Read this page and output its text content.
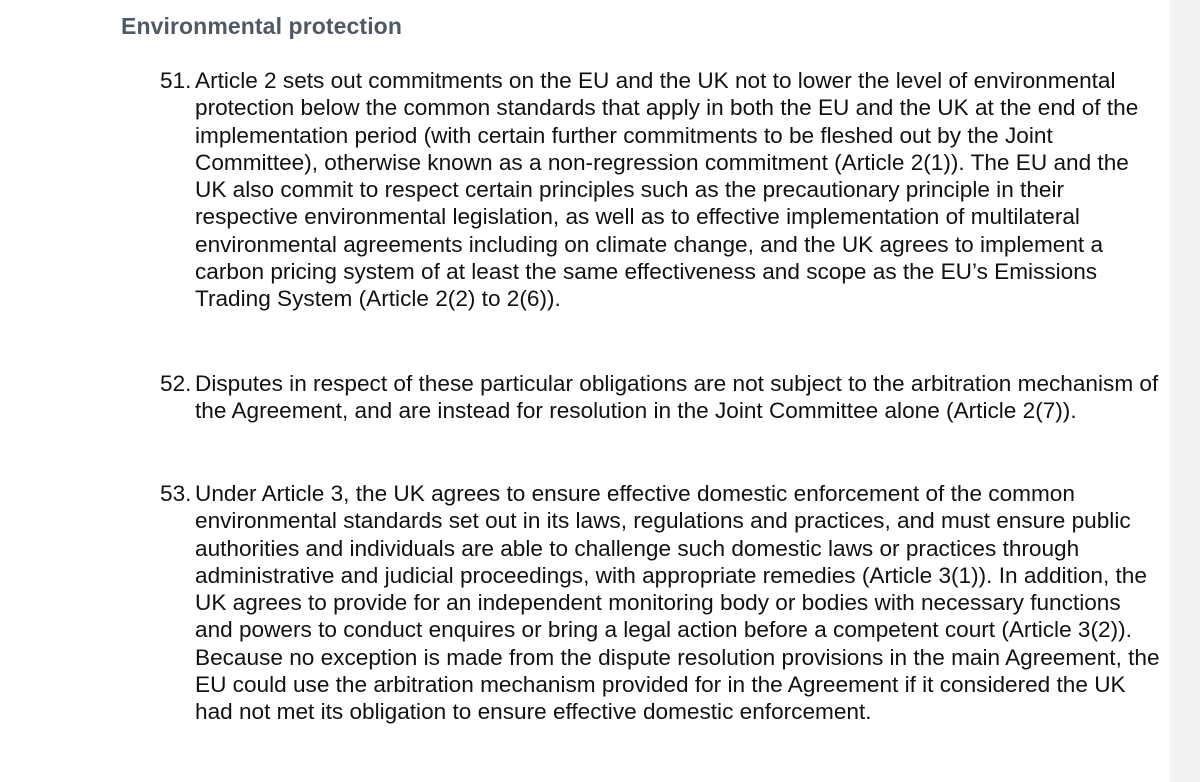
Environmental protection
51. Article 2 sets out commitments on the EU and the UK not to lower the level of environmental protection below the common standards that apply in both the EU and the UK at the end of the implementation period (with certain further commitments to be fleshed out by the Joint Committee), otherwise known as a non-regression commitment (Article 2(1)). The EU and the UK also commit to respect certain principles such as the precautionary principle in their respective environmental legislation, as well as to effective implementation of multilateral environmental agreements including on climate change, and the UK agrees to implement a carbon pricing system of at least the same effectiveness and scope as the EU’s Emissions Trading System (Article 2(2) to 2(6)).
52. Disputes in respect of these particular obligations are not subject to the arbitration mechanism of the Agreement, and are instead for resolution in the Joint Committee alone (Article 2(7)).
53. Under Article 3, the UK agrees to ensure effective domestic enforcement of the common environmental standards set out in its laws, regulations and practices, and must ensure public authorities and individuals are able to challenge such domestic laws or practices through administrative and judicial proceedings, with appropriate remedies (Article 3(1)). In addition, the UK agrees to provide for an independent monitoring body or bodies with necessary functions and powers to conduct enquires or bring a legal action before a competent court (Article 3(2)). Because no exception is made from the dispute resolution provisions in the main Agreement, the EU could use the arbitration mechanism provided for in the Agreement if it considered the UK had not met its obligation to ensure effective domestic enforcement.
